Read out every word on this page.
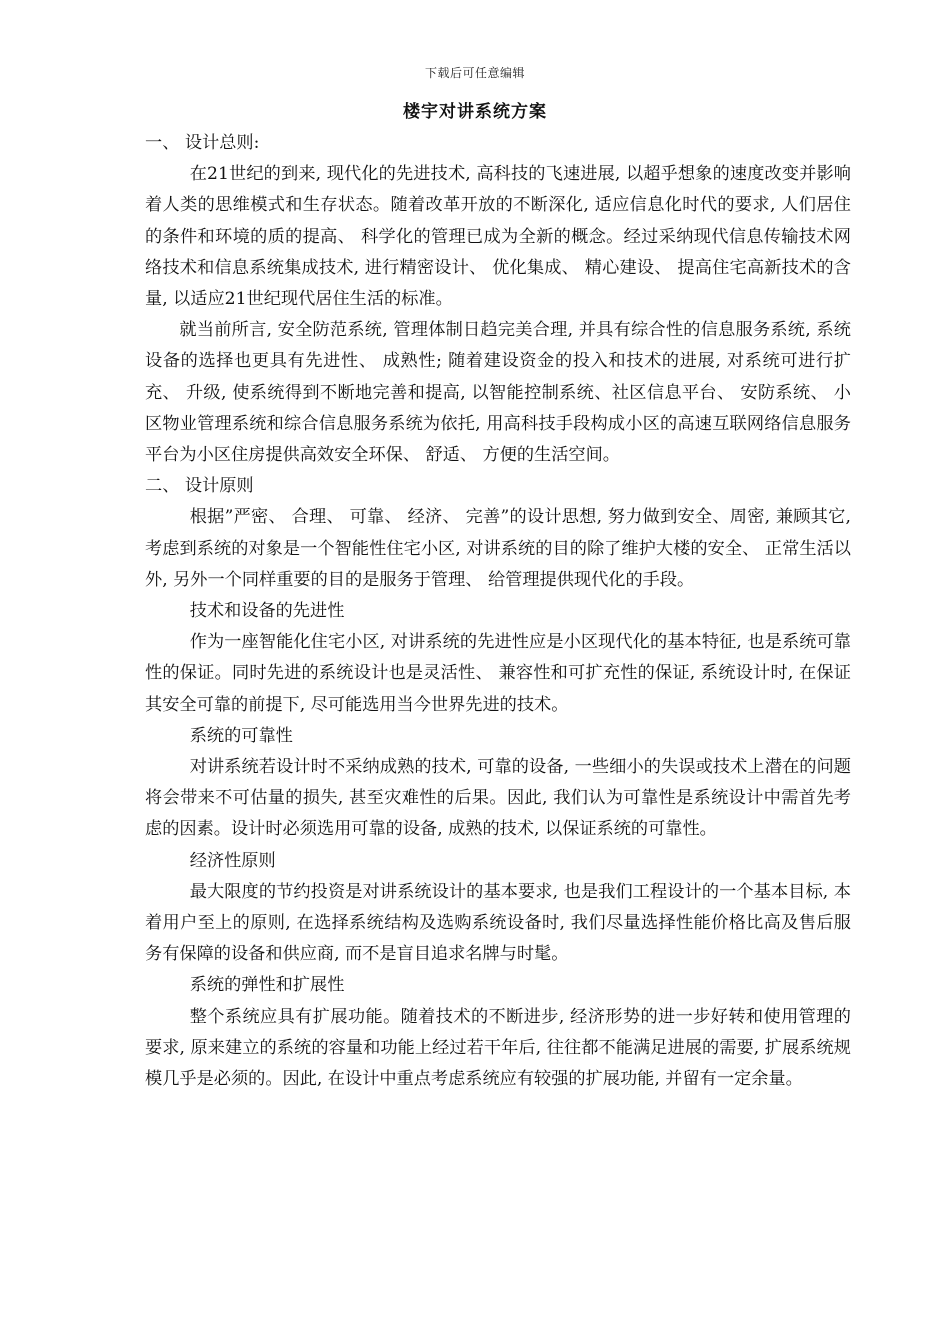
下载后可任意编辑
楼宇对讲系统方案

一、 设计总则:

在21世纪的到来, 现代化的先进技术, 高科技的飞速进展, 以超乎想象的速度改变并影响着人类的思维模式和生存状态。随着改革开放的不断深化, 适应信息化时代的要求, 人们居住的条件和环境的质的提高、 科学化的管理已成为全新的概念。经过采纳现代信息传输技术网络技术和信息系统集成技术, 进行精密设计、 优化集成、 精心建设、 提高住宅高新技术的含量, 以适应21世纪现代居住生活的标准。

就当前所言, 安全防范系统, 管理体制日趋完美合理, 并具有综合性的信息服务系统, 系统设备的选择也更具有先进性、 成熟性; 随着建设资金的投入和技术的进展, 对系统可进行扩充、 升级, 使系统得到不断地完善和提高, 以智能控制系统、社区信息平台、 安防系统、 小区物业管理系统和综合信息服务系统为依托, 用高科技手段构成小区的高速互联网络信息服务平台为小区住房提供高效安全环保、 舒适、 方便的生活空间。

二、 设计原则

根据”严密、 合理、 可靠、 经济、 完善”的设计思想, 努力做到安全、周密, 兼顾其它, 考虑到系统的对象是一个智能性住宅小区, 对讲系统的目的除了维护大楼的安全、 正常生活以外, 另外一个同样重要的目的是服务于管理、 给管理提供现代化的手段。

技术和设备的先进性

作为一座智能化住宅小区, 对讲系统的先进性应是小区现代化的基本特征, 也是系统可靠性的保证。同时先进的系统设计也是灵活性、 兼容性和可扩充性的保证, 系统设计时, 在保证其安全可靠的前提下, 尽可能选用当今世界先进的技术。

系统的可靠性

对讲系统若设计时不采纳成熟的技术, 可靠的设备, 一些细小的失误或技术上潜在的问题将会带来不可估量的损失, 甚至灾难性的后果。因此, 我们认为可靠性是系统设计中需首先考虑的因素。设计时必须选用可靠的设备, 成熟的技术, 以保证系统的可靠性。

经济性原则

最大限度的节约投资是对讲系统设计的基本要求, 也是我们工程设计的一个基本目标, 本着用户至上的原则, 在选择系统结构及选购系统设备时, 我们尽量选择性能价格比高及售后服务有保障的设备和供应商, 而不是盲目追求名牌与时髦。

系统的弹性和扩展性

整个系统应具有扩展功能。随着技术的不断进步, 经济形势的进一步好转和使用管理的要求, 原来建立的系统的容量和功能上经过若干年后, 往往都不能满足进展的需要, 扩展系统规模几乎是必须的。因此, 在设计中重点考虑系统应有较强的扩展功能, 并留有一定余量。
